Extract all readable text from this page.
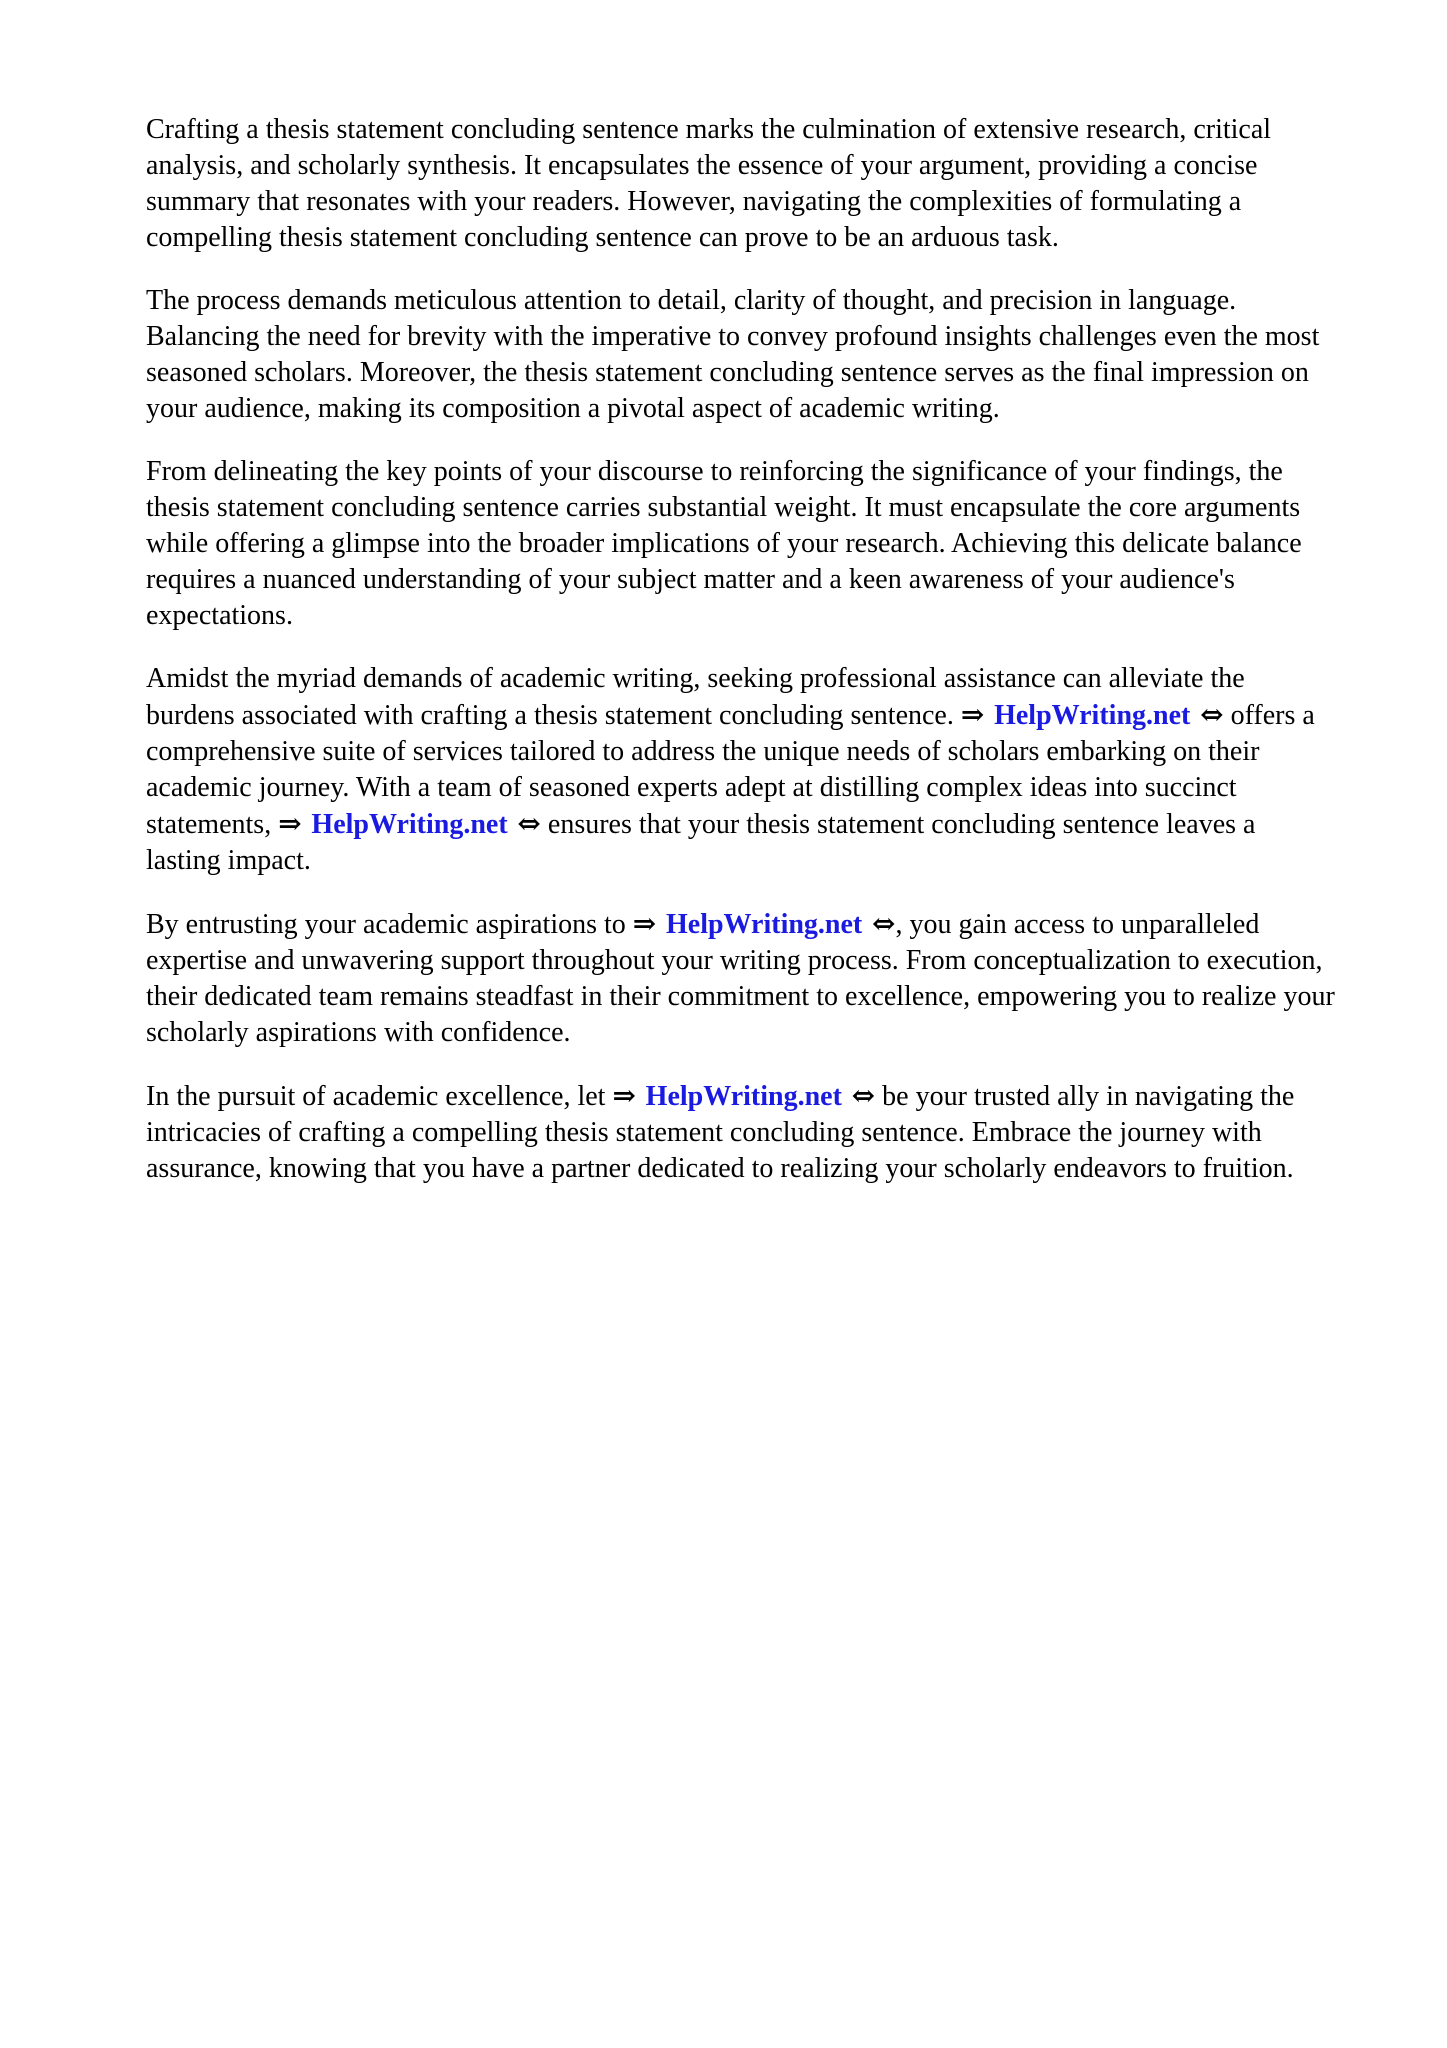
Crafting a thesis statement concluding sentence marks the culmination of extensive research, critical analysis, and scholarly synthesis. It encapsulates the essence of your argument, providing a concise summary that resonates with your readers. However, navigating the complexities of formulating a compelling thesis statement concluding sentence can prove to be an arduous task.

The process demands meticulous attention to detail, clarity of thought, and precision in language. Balancing the need for brevity with the imperative to convey profound insights challenges even the most seasoned scholars. Moreover, the thesis statement concluding sentence serves as the final impression on your audience, making its composition a pivotal aspect of academic writing.

From delineating the key points of your discourse to reinforcing the significance of your findings, the thesis statement concluding sentence carries substantial weight. It must encapsulate the core arguments while offering a glimpse into the broader implications of your research. Achieving this delicate balance requires a nuanced understanding of your subject matter and a keen awareness of your audience's expectations.

Amidst the myriad demands of academic writing, seeking professional assistance can alleviate the burdens associated with crafting a thesis statement concluding sentence. ⇒ HelpWriting.net ⇔ offers a comprehensive suite of services tailored to address the unique needs of scholars embarking on their academic journey. With a team of seasoned experts adept at distilling complex ideas into succinct statements, ⇒ HelpWriting.net ⇔ ensures that your thesis statement concluding sentence leaves a lasting impact.

By entrusting your academic aspirations to ⇒ HelpWriting.net ⇔, you gain access to unparalleled expertise and unwavering support throughout your writing process. From conceptualization to execution, their dedicated team remains steadfast in their commitment to excellence, empowering you to realize your scholarly aspirations with confidence.

In the pursuit of academic excellence, let ⇒ HelpWriting.net ⇔ be your trusted ally in navigating the intricacies of crafting a compelling thesis statement concluding sentence. Embrace the journey with assurance, knowing that you have a partner dedicated to realizing your scholarly endeavors to fruition.
